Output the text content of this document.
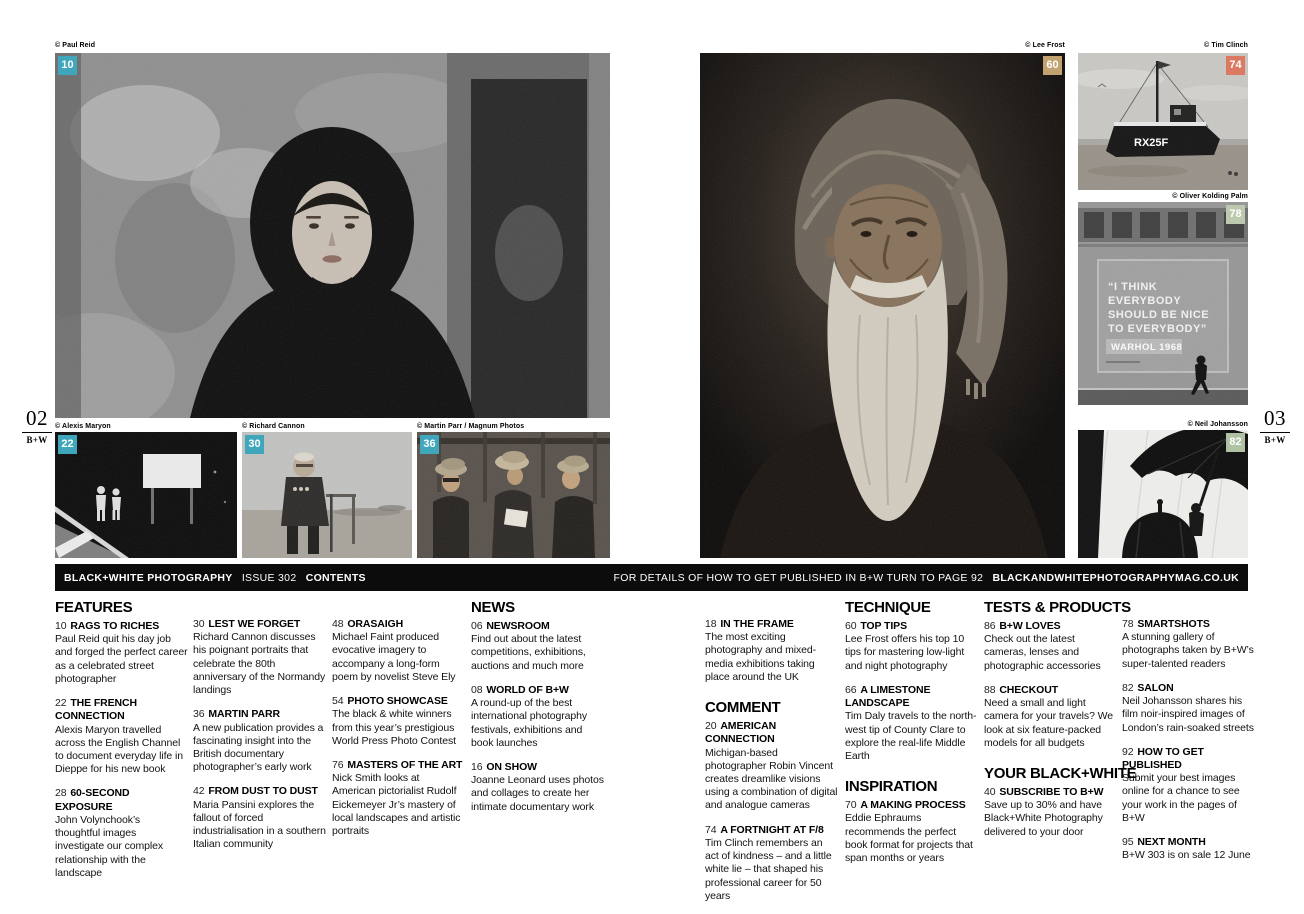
02
B+W
03
B+W
© Paul Reid
10
© Alexis Maryon
22
© Richard Cannon
30
© Martin Parr / Magnum Photos
36
© Lee Frost
60
© Tim Clinch
RX25F
74
© Oliver Kolding Palm
“I THINK
EVERYBODY
SHOULD BE NICE
TO EVERYBODY”
WARHOL 1968
78
© Neil Johansson
82
BLACK+WHITE PHOTOGRAPHY ISSUE 302 CONTENTS	FOR DETAILS OF HOW TO GET PUBLISHED IN B+W TURN TO PAGE 92 BLACKANDWHITEPHOTOGRAPHYMAG.CO.UK
FEATURES
10 RAGS TO RICHES
Paul Reid quit his day job and forged the perfect career as a celebrated street photographer
22 THE FRENCH CONNECTION
Alexis Maryon travelled across the English Channel to document everyday life in Dieppe for his new book
28 60-SECOND EXPOSURE
John Volynchook’s thoughtful images investigate our complex relationship with the landscape
30 LEST WE FORGET
Richard Cannon discusses his poignant portraits that celebrate the 80th anniversary of the Normandy landings
36 MARTIN PARR
A new publication provides a fascinating insight into the British documentary photographer’s early work
42 FROM DUST TO DUST
Maria Pansini explores the fallout of forced industrialisation in a southern Italian community
48 ORASAIGH
Michael Faint produced evocative imagery to accompany a long-form poem by novelist Steve Ely
54 PHOTO SHOWCASE
The black & white winners from this year’s prestigious World Press Photo Contest
76 MASTERS OF THE ART
Nick Smith looks at American pictorialist Rudolf Eickemeyer Jr’s mastery of local landscapes and artistic portraits
NEWS
06 NEWSROOM
Find out about the latest competitions, exhibitions, auctions and much more
08 WORLD OF B+W
A round-up of the best international photography festivals, exhibitions and book launches
16 ON SHOW
Joanne Leonard uses photos and collages to create her intimate documentary work
18 IN THE FRAME
The most exciting photography and mixed-media exhibitions taking place around the UK
COMMENT
20 AMERICAN CONNECTION
Michigan-based photographer Robin Vincent creates dreamlike visions using a combination of digital and analogue cameras
74 A FORTNIGHT AT F/8
Tim Clinch remembers an act of kindness – and a little white lie – that shaped his professional career for 50 years
TECHNIQUE
60 TOP TIPS
Lee Frost offers his top 10 tips for mastering low-light and night photography
66 A LIMESTONE LANDSCAPE
Tim Daly travels to the north-west tip of County Clare to explore the real-life Middle Earth
INSPIRATION
70 A MAKING PROCESS
Eddie Ephraums recommends the perfect book format for projects that span months or years
TESTS & PRODUCTS
86 B+W LOVES
Check out the latest cameras, lenses and photographic accessories
88 CHECKOUT
Need a small and light camera for your travels? We look at six feature-packed models for all budgets
YOUR BLACK+WHITE
40 SUBSCRIBE TO B+W
Save up to 30% and have Black+White Photography delivered to your door
78 SMARTSHOTS
A stunning gallery of photographs taken by B+W’s super-talented readers
82 SALON
Neil Johansson shares his film noir-inspired images of London’s rain-soaked streets
92 HOW TO GET PUBLISHED
Submit your best images online for a chance to see your work in the pages of B+W
95 NEXT MONTH
B+W 303 is on sale 12 June
